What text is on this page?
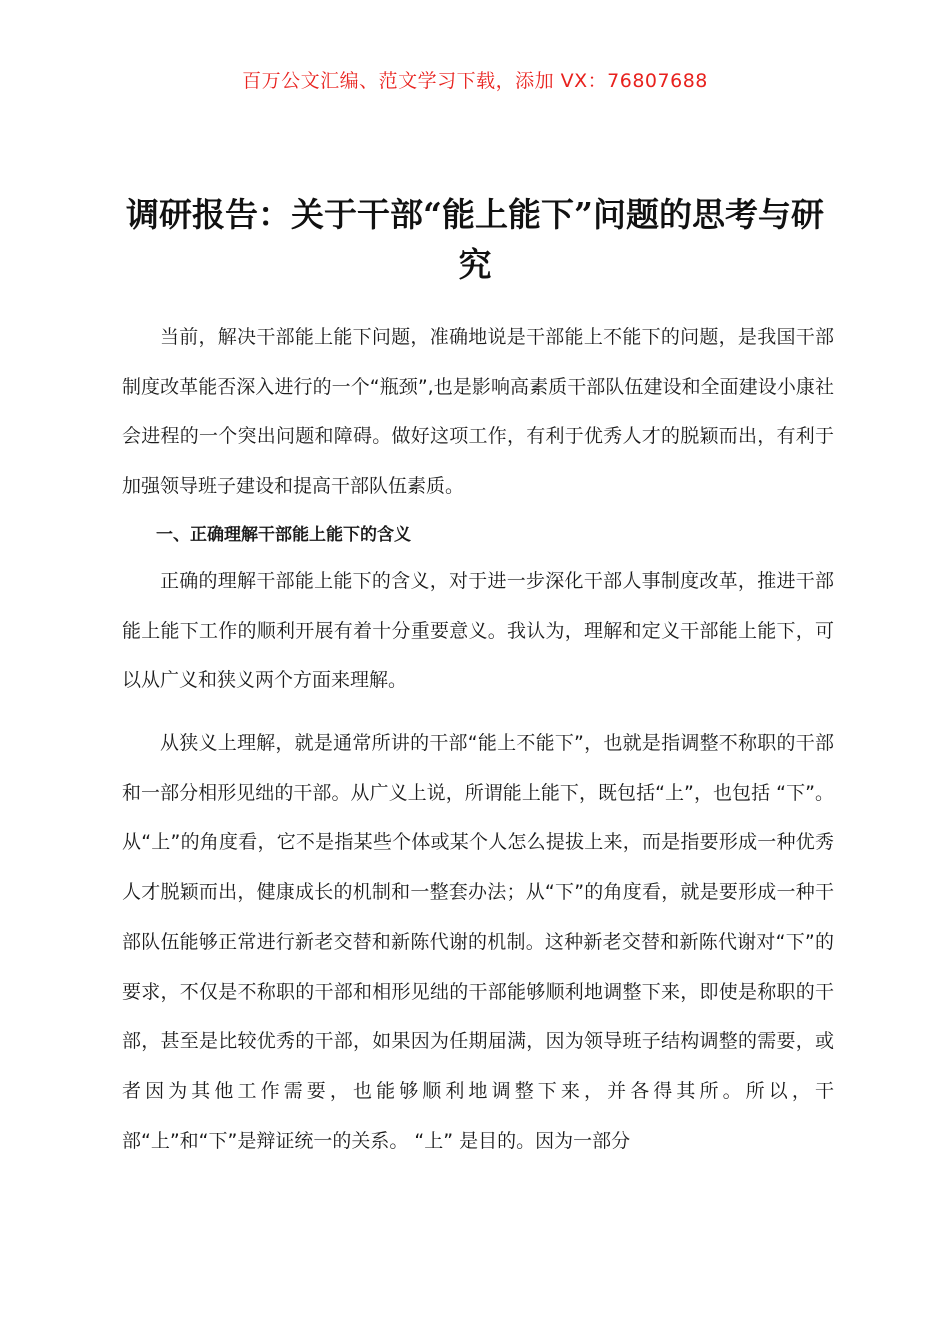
百万公文汇编、范文学习下载，添加 VX：76807688
调研报告：关于干部“能上能下”问题的思考与研究

当前，解决干部能上能下问题，准确地说是干部能上不能下的问题，是我国干部制度改革能否深入进行的一个“瓶颈”,也是影响高素质干部队伍建设和全面建设小康社会进程的一个突出问题和障碍。做好这项工作，有利于优秀人才的脱颖而出，有利于加强领导班子建设和提高干部队伍素质。

一、正确理解干部能上能下的含义

正确的理解干部能上能下的含义，对于进一步深化干部人事制度改革，推进干部能上能下工作的顺利开展有着十分重要意义。我认为，理解和定义干部能上能下，可以从广义和狭义两个方面来理解。

从狭义上理解，就是通常所讲的干部“能上不能下”，也就是指调整不称职的干部和一部分相形见绌的干部。从广义上说，所谓能上能下，既包括“上”，也包括 “下”。从“上”的角度看，它不是指某些个体或某个人怎么提拔上来，而是指要形成一种优秀人才脱颖而出，健康成长的机制和一整套办法；从“下”的角度看，就是要形成一种干部队伍能够正常进行新老交替和新陈代谢的机制。这种新老交替和新陈代谢对“下”的要求，不仅是不称职的干部和相形见绌的干部能够顺利地调整下来，即使是称职的干部，甚至是比较优秀的干部，如果因为任期届满，因为领导班子结构调整的需要，或者因为其他工作需要，也能够顺利地调整下来，并各得其所。所以，干部“上”和“下”是辩证统一的关系。 “上” 是目的。因为一部分
